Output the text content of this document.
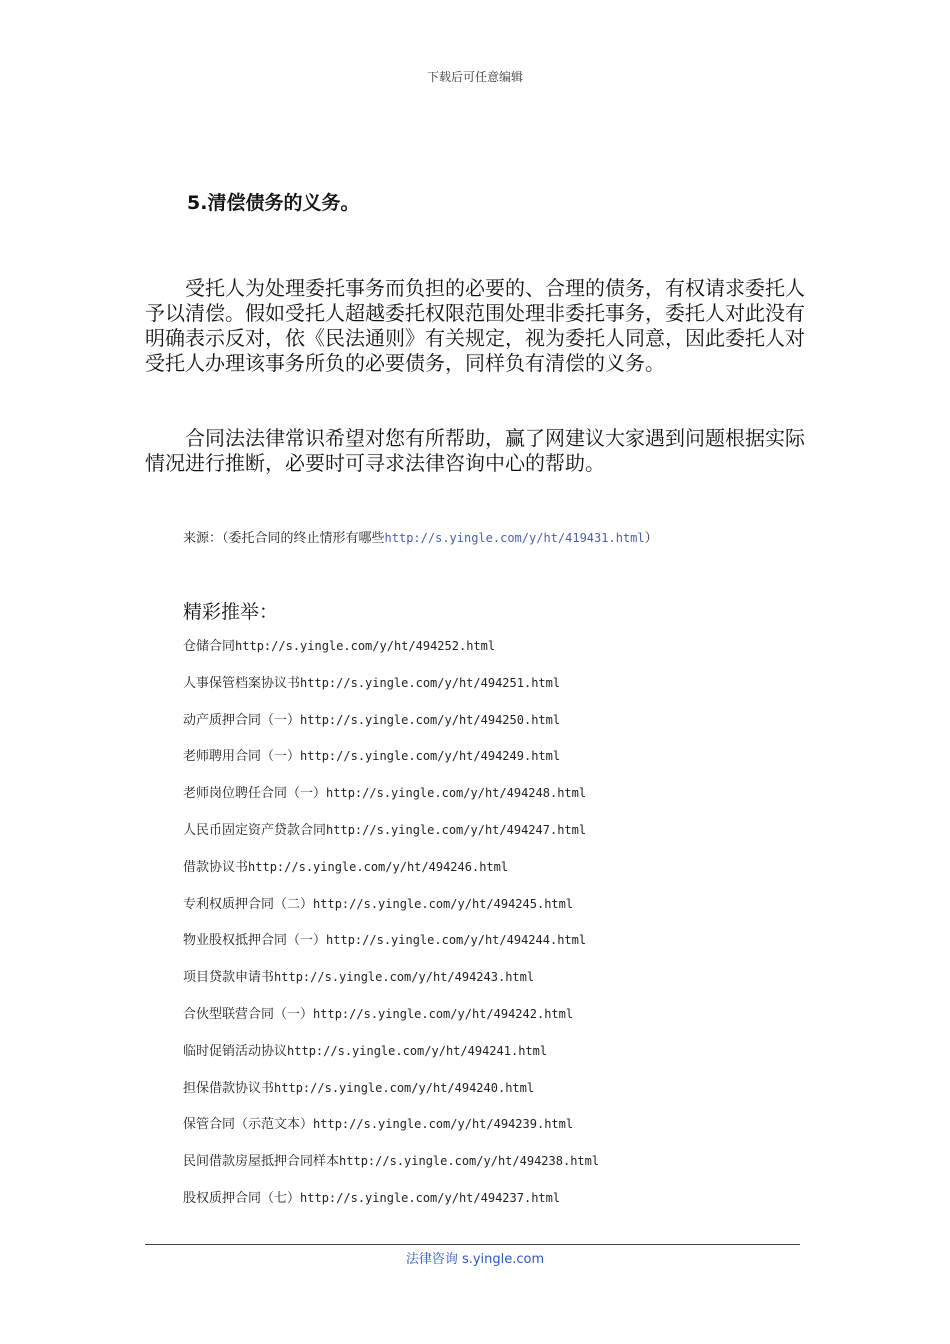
下载后可任意编辑
5.清偿债务的义务。

受托人为处理委托事务而负担的必要的、合理的债务，有权请求委托人予以清偿。假如受托人超越委托权限范围处理非委托事务，委托人对此没有明确表示反对，依《民法通则》有关规定，视为委托人同意，因此委托人对受托人办理该事务所负的必要债务，同样负有清偿的义务。

合同法法律常识希望对您有所帮助，赢了网建议大家遇到问题根据实际情况进行推断，必要时可寻求法律咨询中心的帮助。

来源：（委托合同的终止情形有哪些http://s.yingle.com/y/ht/419431.html）
精彩推举：
仓储合同http://s.yingle.com/y/ht/494252.html
人事保管档案协议书http://s.yingle.com/y/ht/494251.html
动产质押合同（一）http://s.yingle.com/y/ht/494250.html
老师聘用合同（一）http://s.yingle.com/y/ht/494249.html
老师岗位聘任合同（一）http://s.yingle.com/y/ht/494248.html
人民币固定资产贷款合同http://s.yingle.com/y/ht/494247.html
借款协议书http://s.yingle.com/y/ht/494246.html
专利权质押合同（二）http://s.yingle.com/y/ht/494245.html
物业股权抵押合同（一）http://s.yingle.com/y/ht/494244.html
项目贷款申请书http://s.yingle.com/y/ht/494243.html
合伙型联营合同（一）http://s.yingle.com/y/ht/494242.html
临时促销活动协议http://s.yingle.com/y/ht/494241.html
担保借款协议书http://s.yingle.com/y/ht/494240.html
保管合同（示范文本）http://s.yingle.com/y/ht/494239.html
民间借款房屋抵押合同样本http://s.yingle.com/y/ht/494238.html
股权质押合同（七）http://s.yingle.com/y/ht/494237.html
法律咨询 s.yingle.com
